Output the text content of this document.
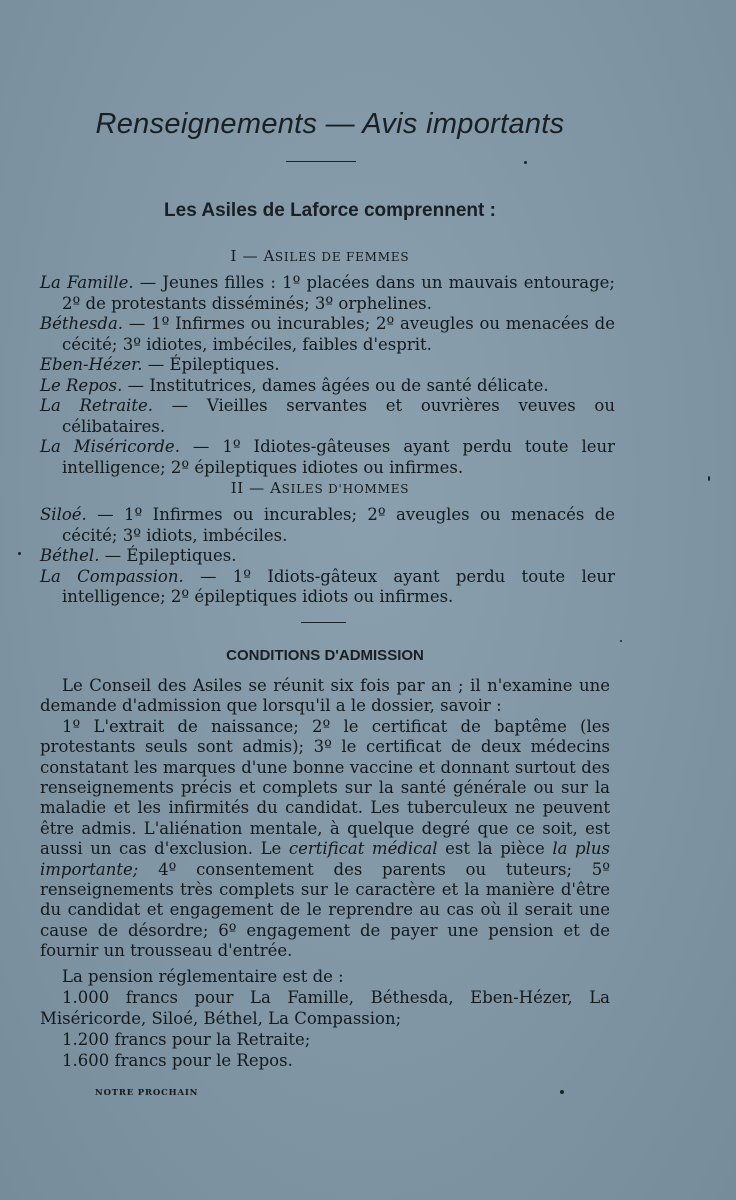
Renseignements — Avis importants
Les Asiles de Laforce comprennent :
I — ASILES DE FEMMES

La Famille. — Jeunes filles : 1º placées dans un mauvais entourage; 2º de protestants disséminés; 3º orphelines.

Béthesda. — 1º Infirmes ou incurables; 2º aveugles ou menacées de cécité; 3º idiotes, imbéciles, faibles d'esprit.

Eben-Hézer. — Épileptiques.

Le Repos. — Institutrices, dames âgées ou de santé délicate.

La Retraite. — Vieilles servantes et ouvrières veuves ou célibataires.

La Miséricorde. — 1º Idiotes-gâteuses ayant perdu toute leur intelligence; 2º épileptiques idiotes ou infirmes.

II — ASILES D'HOMMES

Siloé. — 1º Infirmes ou incurables; 2º aveugles ou menacés de cécité; 3º idiots, imbéciles.

Béthel. — Épileptiques.

La Compassion. — 1º Idiots-gâteux ayant perdu toute leur intelligence; 2º épileptiques idiots ou infirmes.

CONDITIONS D'ADMISSION

Le Conseil des Asiles se réunit six fois par an ; il n'examine une demande d'admission que lorsqu'il a le dossier, savoir :

1º L'extrait de naissance; 2º le certificat de baptême (les protestants seuls sont admis); 3º le certificat de deux médecins constatant les marques d'une bonne vaccine et donnant surtout des renseignements précis et complets sur la santé générale ou sur la maladie et les infirmités du candidat. Les tuberculeux ne peuvent être admis. L'aliénation mentale, à quelque degré que ce soit, est aussi un cas d'exclusion. Le certificat médical est la pièce la plus importante; 4º consentement des parents ou tuteurs; 5º renseignements très complets sur le caractère et la manière d'être du candidat et engagement de le reprendre au cas où il serait une cause de désordre; 6º engagement de payer une pension et de fournir un trousseau d'entrée.

La pension réglementaire est de :

1.000 francs pour La Famille, Béthesda, Eben-Hézer, La Miséricorde, Siloé, Béthel, La Compassion;

1.200 francs pour la Retraite;

1.600 francs pour le Repos.

NOTRE PROCHAIN
